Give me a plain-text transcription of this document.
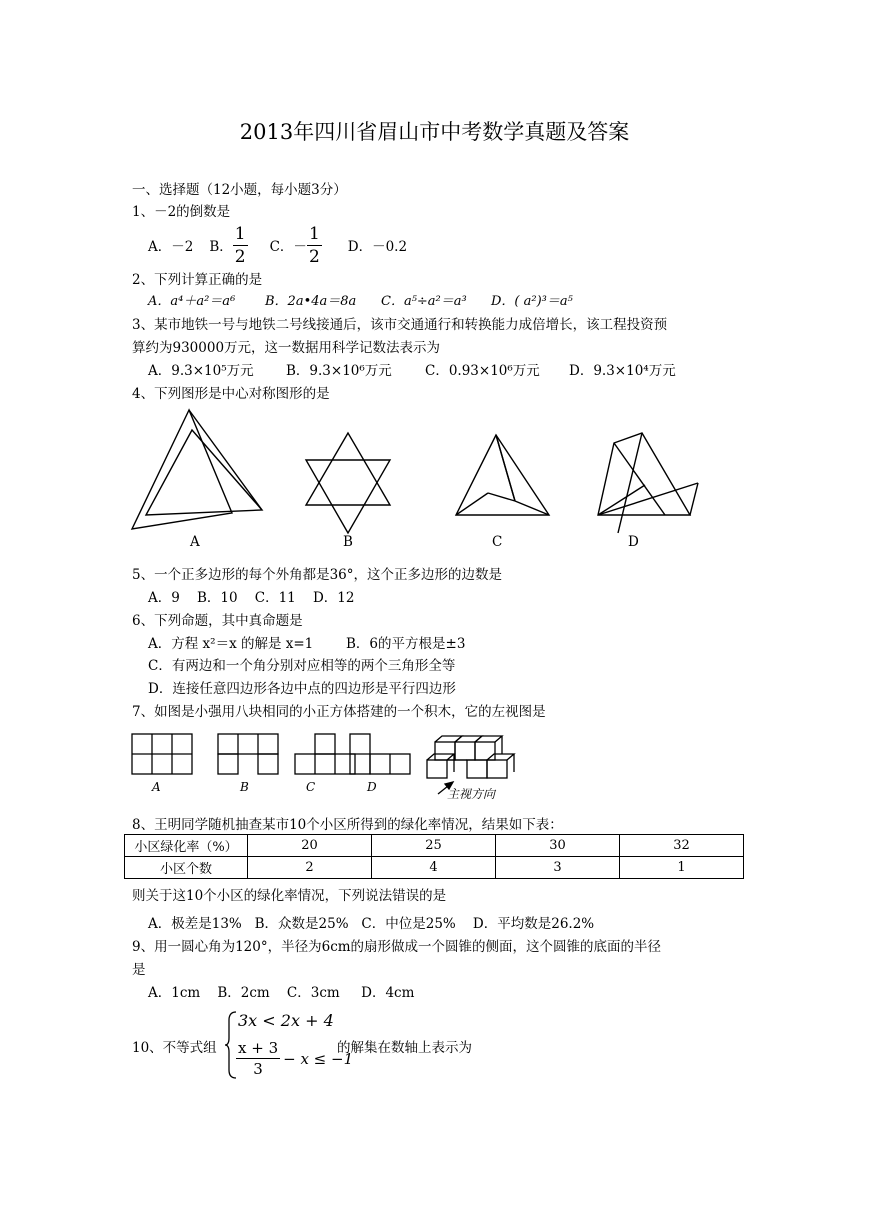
2013年四川省眉山市中考数学真题及答案
一、选择题（12小题，每小题3分）
1、－2的倒数是
A．－2 B． $\frac{1}{2}$ C．－ $\frac{1}{2}$ D．－0.2
2、下列计算正确的是
A．a⁴＋a²＝a⁶ B．2a•4a＝8a C．a⁵÷a²＝a³ D．( a²)³＝a⁵
3、某市地铁一号与地铁二号线接通后，该市交通通行和转换能力成倍增长，该工程投资预
算约为930000万元，这一数据用科学记数法表示为
A．9.3×10⁵万元 B．9.3×10⁶万元 C．0.93×10⁶万元 D．9.3×10⁴万元
4、下列图形是中心对称图形的是
A	B	C	D
5、一个正多边形的每个外角都是36°，这个正多边形的边数是
A．9    B．10    C．11    D．12
6、下列命题，其中真命题是
A．方程 x²＝x 的解是 x=1 B．6的平方根是±3
C．有两边和一个角分别对应相等的两个三角形全等
D．连接任意四边形各边中点的四边形是平行四边形
7、如图是小强用八块相同的小正方体搭建的一个积木，它的左视图是
A	B	C	D	主视方向
8、王明同学随机抽查某市10个小区所得到的绿化率情况，结果如下表：
小区绿化率（%）	20	25	30	32
小区个数	2	4	3	1
则关于这10个小区的绿化率情况，下列说法错误的是
A．极差是13%   B．众数是25%   C．中位是25%    D．平均数是26.2%
9、用一圆心角为120°，半径为6cm的扇形做成一个圆锥的侧面，这个圆锥的底面的半径
是
A．1cm    B．2cm    C．3cm     D．4cm
10、不等式组
3x < 2x + 4
$\frac{x + 3}{3} - x \le -1$
的解集在数轴上表示为
